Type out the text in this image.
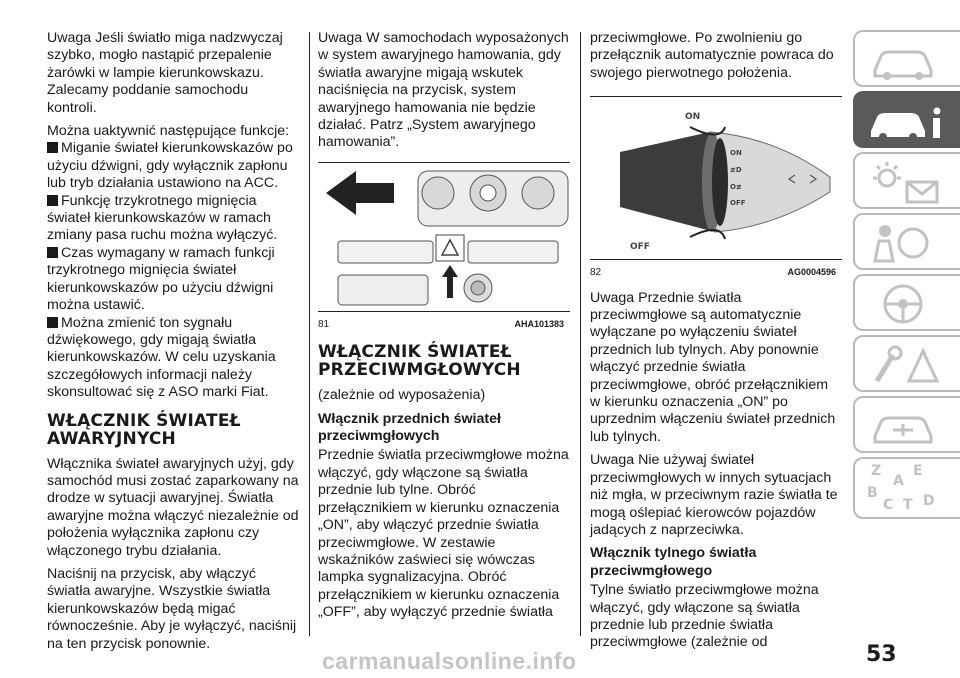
Uwaga Jeśli światło miga nadzwyczaj szybko, mogło nastąpić przepalenie żarówki w lampie kierunkowskazu. Zalecamy poddanie samochodu kontroli.

Można uaktywnić następujące funkcje:

Miganie świateł kierunkowskazów po użyciu dźwigni, gdy wyłącznik zapłonu lub tryb działania ustawiono na ACC.

Funkcję trzykrotnego mignięcia świateł kierunkowskazów w ramach zmiany pasa ruchu można wyłączyć.

Czas wymagany w ramach funkcji trzykrotnego mignięcia świateł kierunkowskazów po użyciu dźwigni można ustawić.

Można zmienić ton sygnału dźwiękowego, gdy migają światła kierunkowskazów. W celu uzyskania szczegółowych informacji należy skonsultować się z ASO marki Fiat.

WŁĄCZNIK ŚWIATEŁ AWARYJNYCH

Włącznika świateł awaryjnych użyj, gdy samochód musi zostać zaparkowany na drodze w sytuacji awaryjnej. Światła awaryjne można włączyć niezależnie od położenia wyłącznika zapłonu czy włączonego trybu działania.

Naciśnij na przycisk, aby włączyć światła awaryjne. Wszystkie światła kierunkowskazów będą migać równocześnie. Aby je wyłączyć, naciśnij na ten przycisk ponownie.

Uwaga W samochodach wyposażonych w system awaryjnego hamowania, gdy światła awaryjne migają wskutek naciśnięcia na przycisk, system awaryjnego hamowania nie będzie działać. Patrz „System awaryjnego hamowania”.

81	AHA101383
WŁĄCZNIK ŚWIATEŁ PRZECIWMGŁOWYCH

(zależnie od wyposażenia)

Włącznik przednich świateł przeciwmgłowych

Przednie światła przeciwmgłowe można włączyć, gdy włączone są światła przednie lub tylne. Obróć przełącznikiem w kierunku oznaczenia „ON”, aby włączyć przednie światła przeciwmgłowe. W zestawie wskaźników zaświeci się wówczas lampka sygnalizacyjna. Obróć przełącznikiem w kierunku oznaczenia „OFF”, aby wyłączyć przednie światła

przeciwmgłowe. Po zwolnieniu go przełącznik automatycznie powraca do swojego pierwotnego położenia.

ON
≢D
O≢
OFF
ON
OFF
82	AG0004596

Uwaga Przednie światła przeciwmgłowe są automatycznie wyłączane po wyłączeniu świateł przednich lub tylnych. Aby ponownie włączyć przednie światła przeciwmgłowe, obróć przełącznikiem w kierunku oznaczenia „ON” po uprzednim włączeniu świateł przednich lub tylnych.

Uwaga Nie używaj świateł przeciwmgłowych w innych sytuacjach niż mgła, w przeciwnym razie światła te mogą oślepiać kierowców pojazdów jadących z naprzeciwka.

Włącznik tylnego światła przeciwmgłowego

Tylne światło przeciwmgłowe można włączyć, gdy włączone są światła przednie lub przednie światła przeciwmgłowe (zależnie od

Z E
A
B
C T D
53
carmanualsonline.info
